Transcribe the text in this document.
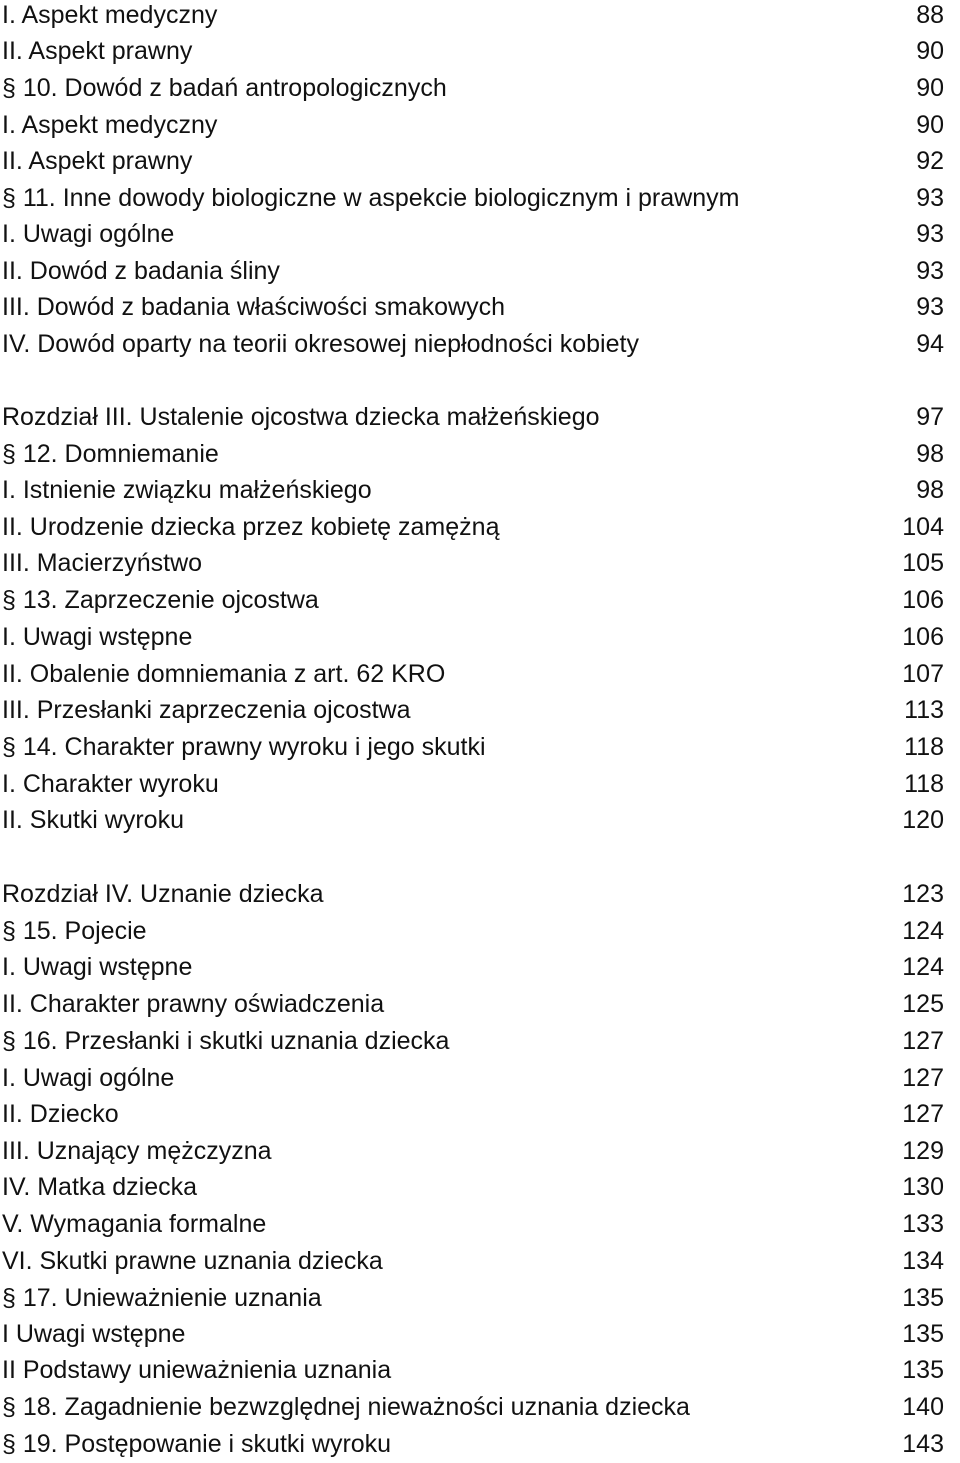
I. Aspekt medyczny	88
II. Aspekt prawny	90
§ 10. Dowód z badań antropologicznych	90
I. Aspekt medyczny	90
II. Aspekt prawny	92
§ 11. Inne dowody biologiczne w aspekcie biologicznym i prawnym	93
I. Uwagi ogólne	93
II. Dowód z badania śliny	93
III. Dowód z badania właściwości smakowych	93
IV. Dowód oparty na teorii okresowej niepłodności kobiety	94
Rozdział III. Ustalenie ojcostwa dziecka małżeńskiego	97
§ 12. Domniemanie	98
I. Istnienie związku małżeńskiego	98
II. Urodzenie dziecka przez kobietę zamężną	104
III. Macierzyństwo	105
§ 13. Zaprzeczenie ojcostwa	106
I. Uwagi wstępne	106
II. Obalenie domniemania z art. 62 KRO	107
III. Przesłanki zaprzeczenia ojcostwa	113
§ 14. Charakter prawny wyroku i jego skutki	118
I. Charakter wyroku	118
II. Skutki wyroku	120
Rozdział IV. Uznanie dziecka	123
§ 15. Pojecie	124
I. Uwagi wstępne	124
II. Charakter prawny oświadczenia	125
§ 16. Przesłanki i skutki uznania dziecka	127
I. Uwagi ogólne	127
II. Dziecko	127
III. Uznający mężczyzna	129
IV. Matka dziecka	130
V. Wymagania formalne	133
VI. Skutki prawne uznania dziecka	134
§ 17. Unieważnienie uznania	135
I Uwagi wstępne	135
II Podstawy unieważnienia uznania	135
§ 18. Zagadnienie bezwzględnej nieważności uznania dziecka	140
§ 19. Postępowanie i skutki wyroku	143
